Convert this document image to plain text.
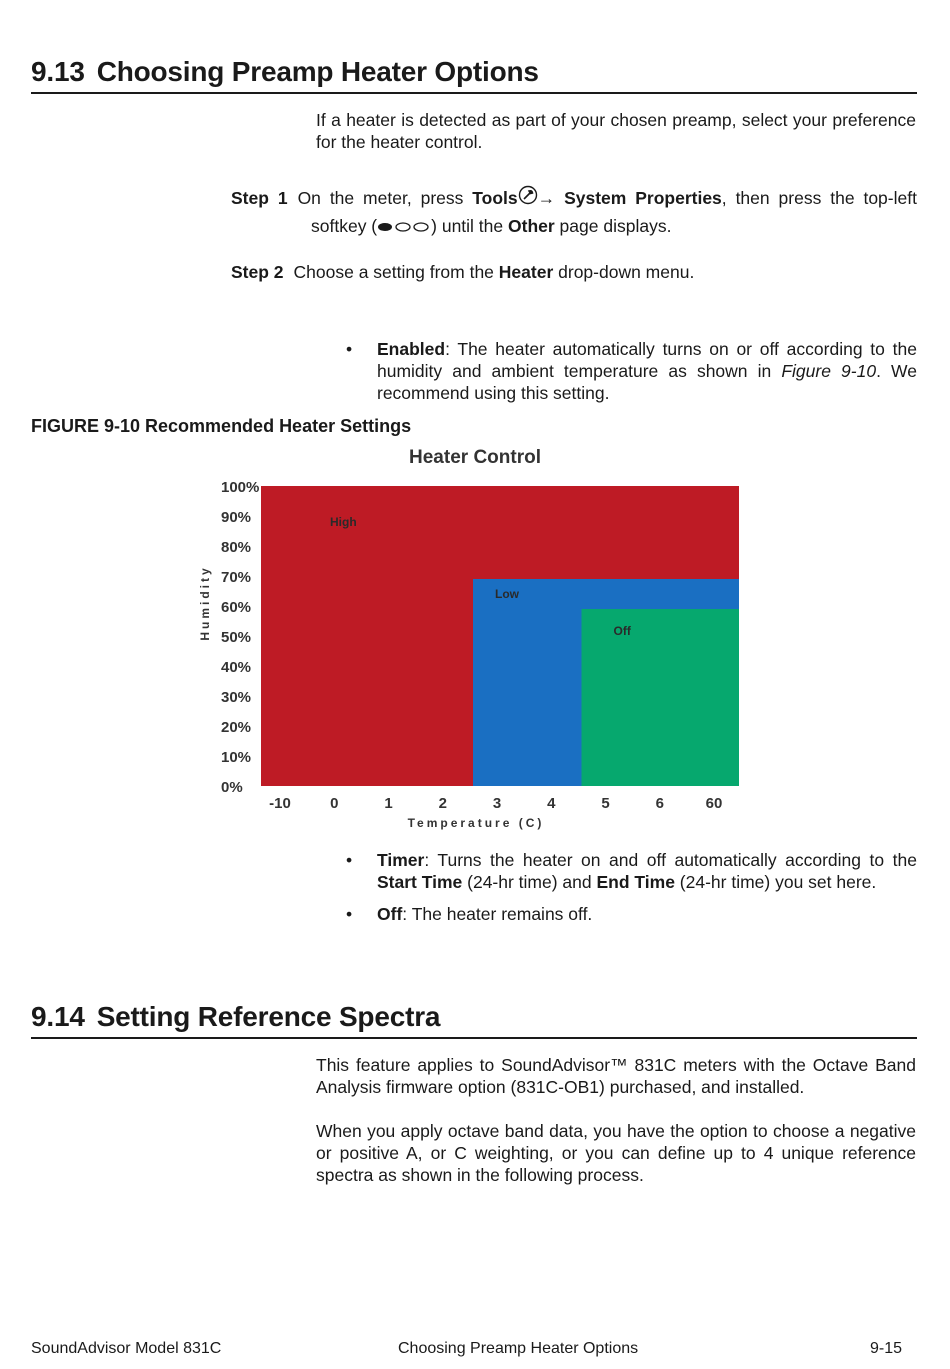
9.13 Choosing Preamp Heater Options
If a heater is detected as part of your chosen preamp, select your preference for the heater control.
Step 1 On the meter, press Tools → System Properties, then press the top-left
softkey (	) until the Other page displays.
Step 2 Choose a setting from the Heater drop-down menu.
• Enabled: The heater automatically turns on or off according to the humidity and ambient temperature as shown in Figure 9-10. We recommend using this setting.
FIGURE 9-10 Recommended Heater Settings
Heater Control
0%
10%
20%
30%
40%
50%
60%
70%
80%
90%
100%
-10	0	1	2	3	4	5	6	60
High
Low
Off
Humidity
Temperature (C)
• Timer: Turns the heater on and off automatically according to the Start Time (24-hr time) and End Time (24-hr time) you set here.
• Off: The heater remains off.
9.14 Setting Reference Spectra
This feature applies to SoundAdvisor™ 831C meters with the Octave Band Analysis firmware option (831C-OB1) purchased, and installed.
When you apply octave band data, you have the option to choose a negative or positive A, or C weighting, or you can define up to 4 unique reference spectra as shown in the following process.
SoundAdvisor Model 831C	Choosing Preamp Heater Options	9-15
